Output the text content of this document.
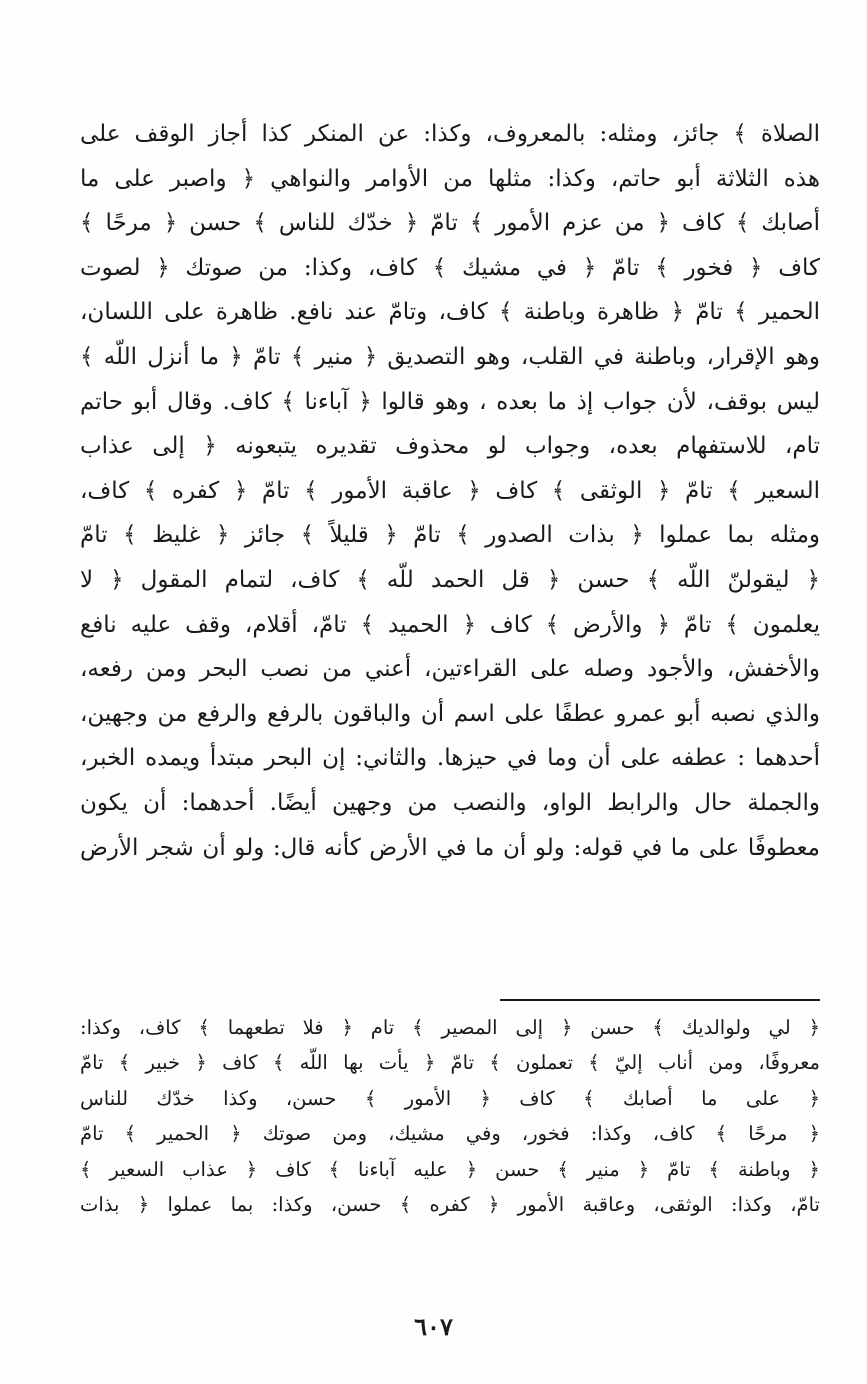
الصلاة ﴾ جائز، ومثله: بالمعروف، وكذا: عن المنكر كذا أجاز الوقف على
هذه الثلاثة أبو حاتم، وكذا: مثلها من الأوامر والنواهي ﴿ واصبر على ما
أصابك ﴾ كاف ﴿ من عزم الأمور ﴾ تامّ ﴿ خدّك للناس ﴾ حسن ﴿ مرحًا ﴾
كاف ﴿ فخور ﴾ تامّ ﴿ في مشيك ﴾ كاف، وكذا: من صوتك ﴿ لصوت
الحمير ﴾ تامّ ﴿ ظاهرة وباطنة ﴾ كاف، وتامّ عند نافع. ظاهرة على اللسان،
وهو الإقرار، وباطنة في القلب، وهو التصديق ﴿ منير ﴾ تامّ ﴿ ما أنزل اللّه ﴾
ليس بوقف، لأن جواب إذ ما بعده ، وهو قالوا ﴿ آباءنا ﴾ كاف. وقال أبو حاتم
تام، للاستفهام بعده، وجواب لو محذوف تقديره يتبعونه ﴿ إلى عذاب
السعير ﴾ تامّ ﴿ الوثقى ﴾ كاف ﴿ عاقبة الأمور ﴾ تامّ ﴿ كفره ﴾ كاف،
ومثله بما عملوا ﴿ بذات الصدور ﴾ تامّ ﴿ قليلاً ﴾ جائز ﴿ غليظ ﴾ تامّ
﴿ ليقولنّ اللّه ﴾ حسن ﴿ قل الحمد للّه ﴾ كاف، لتمام المقول ﴿ لا
يعلمون ﴾ تامّ ﴿ والأرض ﴾ كاف ﴿ الحميد ﴾ تامّ، أقلام، وقف عليه نافع
والأخفش، والأجود وصله على القراءتين، أعني من نصب البحر ومن رفعه،
والذي نصبه أبو عمرو عطفًا على اسم أن والباقون بالرفع والرفع من وجهين،
أحدهما : عطفه على أن وما في حيزها. والثاني: إن البحر مبتدأ ويمده الخبر،
والجملة حال والرابط الواو، والنصب من وجهين أيضًا. أحدهما: أن يكون
معطوفًا على ما في قوله: ولو أن ما في الأرض كأنه قال: ولو أن شجر الأرض
﴿ لي ولوالديك ﴾ حسن ﴿ إلى المصير ﴾ تام ﴿ فلا تطعهما ﴾ كاف، وكذا:
معروفًا، ومن أناب إليّ ﴾ تعملون ﴾ تامّ ﴿ يأت بها اللّه ﴾ كاف ﴿ خبير ﴾ تامّ
﴿ على ما أصابك ﴾ كاف ﴿ الأمور ﴾ حسن، وكذا خدّك للناس
﴿ مرحًا ﴾ كاف، وكذا: فخور، وفي مشيك، ومن صوتك ﴿ الحمير ﴾ تامّ
﴿ وباطنة ﴾ تامّ ﴿ منير ﴾ حسن ﴿ عليه آباءنا ﴾ كاف ﴿ عذاب السعير ﴾
تامّ، وكذا: الوثقى، وعاقبة الأمور ﴿ كفره ﴾ حسن، وكذا: بما عملوا ﴿ بذات
٦٠٧
